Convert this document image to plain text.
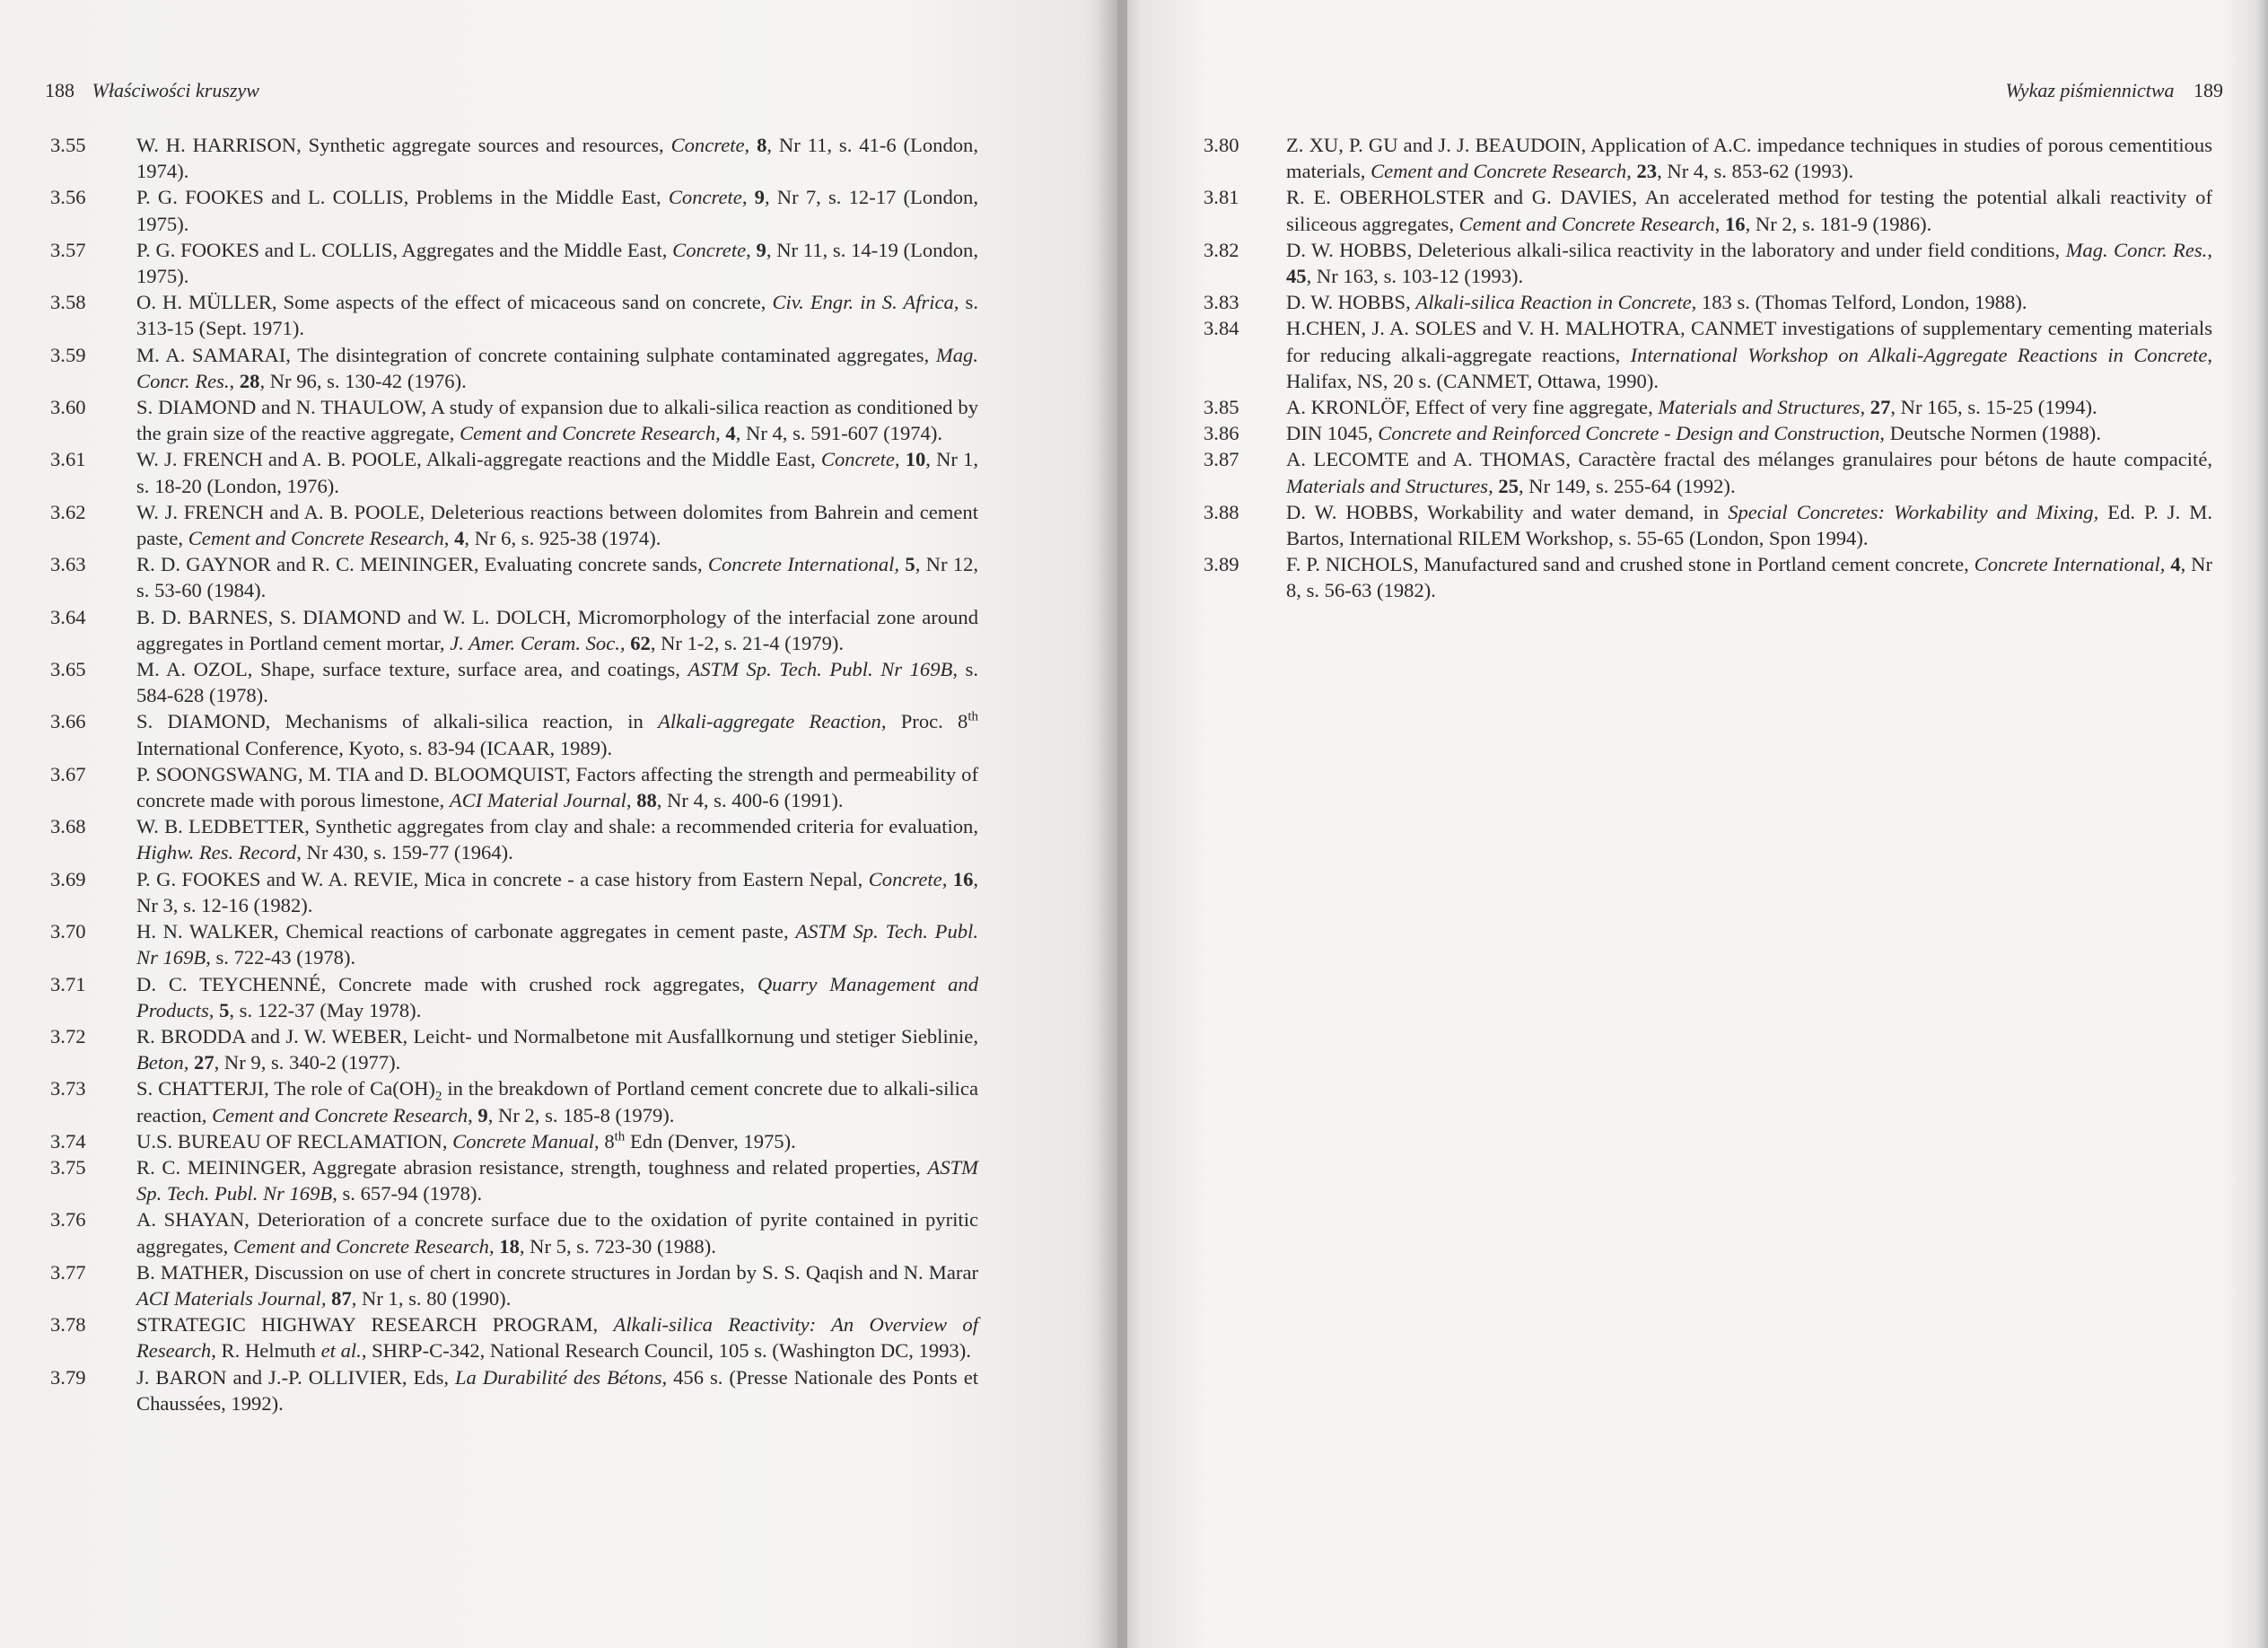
188 Właściwości kruszyw
3.55	W. H. HARRISON, Synthetic aggregate sources and resources, Concrete, 8, Nr 11, s. 41-6 (London, 1974).
3.56	P. G. FOOKES and L. COLLIS, Problems in the Middle East, Concrete, 9, Nr 7, s. 12-17 (London, 1975).
3.57	P. G. FOOKES and L. COLLIS, Aggregates and the Middle East, Concrete, 9, Nr 11, s. 14-19 (London, 1975).
3.58	O. H. MÜLLER, Some aspects of the effect of micaceous sand on concrete, Civ. Engr. in S. Africa, s. 313-15 (Sept. 1971).
3.59	M. A. SAMARAI, The disintegration of concrete containing sulphate contaminated aggregates, Mag. Concr. Res., 28, Nr 96, s. 130-42 (1976).
3.60	S. DIAMOND and N. THAULOW, A study of expansion due to alkali-silica reaction as conditioned by the grain size of the reactive aggregate, Cement and Concrete Research, 4, Nr 4, s. 591-607 (1974).
3.61	W. J. FRENCH and A. B. POOLE, Alkali-aggregate reactions and the Middle East, Concrete, 10, Nr 1, s. 18-20 (London, 1976).
3.62	W. J. FRENCH and A. B. POOLE, Deleterious reactions between dolomites from Bahrein and cement paste, Cement and Concrete Research, 4, Nr 6, s. 925-38 (1974).
3.63	R. D. GAYNOR and R. C. MEININGER, Evaluating concrete sands, Concrete International, 5, Nr 12, s. 53-60 (1984).
3.64	B. D. BARNES, S. DIAMOND and W. L. DOLCH, Micromorphology of the interfacial zone around aggregates in Portland cement mortar, J. Amer. Ceram. Soc., 62, Nr 1-2, s. 21-4 (1979).
3.65	M. A. OZOL, Shape, surface texture, surface area, and coatings, ASTM Sp. Tech. Publ. Nr 169B, s. 584-628 (1978).
3.66	S. DIAMOND, Mechanisms of alkali-silica reaction, in Alkali-aggregate Reaction, Proc. 8th International Conference, Kyoto, s. 83-94 (ICAAR, 1989).
3.67	P. SOONGSWANG, M. TIA and D. BLOOMQUIST, Factors affecting the strength and permeability of concrete made with porous limestone, ACI Material Journal, 88, Nr 4, s. 400-6 (1991).
3.68	W. B. LEDBETTER, Synthetic aggregates from clay and shale: a recommended criteria for evaluation, Highw. Res. Record, Nr 430, s. 159-77 (1964).
3.69	P. G. FOOKES and W. A. REVIE, Mica in concrete - a case history from Eastern Nepal, Concrete, 16, Nr 3, s. 12-16 (1982).
3.70	H. N. WALKER, Chemical reactions of carbonate aggregates in cement paste, ASTM Sp. Tech. Publ. Nr 169B, s. 722-43 (1978).
3.71	D. C. TEYCHENNÉ, Concrete made with crushed rock aggregates, Quarry Management and Products, 5, s. 122-37 (May 1978).
3.72	R. BRODDA and J. W. WEBER, Leicht- und Normalbetone mit Ausfallkornung und stetiger Sieblinie, Beton, 27, Nr 9, s. 340-2 (1977).
3.73	S. CHATTERJI, The role of $Ca(OH)_2$ in the breakdown of Portland cement concrete due to alkali-silica reaction, Cement and Concrete Research, 9, Nr 2, s. 185-8 (1979).
3.74	U.S. BUREAU OF RECLAMATION, Concrete Manual, 8th Edn (Denver, 1975).
3.75	R. C. MEININGER, Aggregate abrasion resistance, strength, toughness and related properties, ASTM Sp. Tech. Publ. Nr 169B, s. 657-94 (1978).
3.76	A. SHAYAN, Deterioration of a concrete surface due to the oxidation of pyrite contained in pyritic aggregates, Cement and Concrete Research, 18, Nr 5, s. 723-30 (1988).
3.77	B. MATHER, Discussion on use of chert in concrete structures in Jordan by S. S. Qaqish and N. Marar ACI Materials Journal, 87, Nr 1, s. 80 (1990).
3.78	STRATEGIC HIGHWAY RESEARCH PROGRAM, Alkali-silica Reactivity: An Overview of Research, R. Helmuth et al., SHRP-C-342, National Research Council, 105 s. (Washington DC, 1993).
3.79	J. BARON and J.-P. OLLIVIER, Eds, La Durabilité des Bétons, 456 s. (Presse Nationale des Ponts et Chaussées, 1992).
Wykaz piśmiennictwa 189
3.80	Z. XU, P. GU and J. J. BEAUDOIN, Application of A.C. impedance techniques in studies of porous cementitious materials, Cement and Concrete Research, 23, Nr 4, s. 853-62 (1993).
3.81	R. E. OBERHOLSTER and G. DAVIES, An accelerated method for testing the potential alkali reactivity of siliceous aggregates, Cement and Concrete Research, 16, Nr 2, s. 181-9 (1986).
3.82	D. W. HOBBS, Deleterious alkali-silica reactivity in the laboratory and under field conditions, Mag. Concr. Res., 45, Nr 163, s. 103-12 (1993).
3.83	D. W. HOBBS, Alkali-silica Reaction in Concrete, 183 s. (Thomas Telford, London, 1988).
3.84	H.CHEN, J. A. SOLES and V. H. MALHOTRA, CANMET investigations of supplementary cementing materials for reducing alkali-aggregate reactions, International Workshop on Alkali-Aggregate Reactions in Concrete, Halifax, NS, 20 s. (CANMET, Ottawa, 1990).
3.85	A. KRONLÖF, Effect of very fine aggregate, Materials and Structures, 27, Nr 165, s. 15-25 (1994).
3.86	DIN 1045, Concrete and Reinforced Concrete - Design and Construction, Deutsche Normen (1988).
3.87	A. LECOMTE and A. THOMAS, Caractère fractal des mélanges granulaires pour bétons de haute compacité, Materials and Structures, 25, Nr 149, s. 255-64 (1992).
3.88	D. W. HOBBS, Workability and water demand, in Special Concretes: Workability and Mixing, Ed. P. J. M. Bartos, International RILEM Workshop, s. 55-65 (London, Spon 1994).
3.89	F. P. NICHOLS, Manufactured sand and crushed stone in Portland cement concrete, Concrete International, 4, Nr 8, s. 56-63 (1982).
